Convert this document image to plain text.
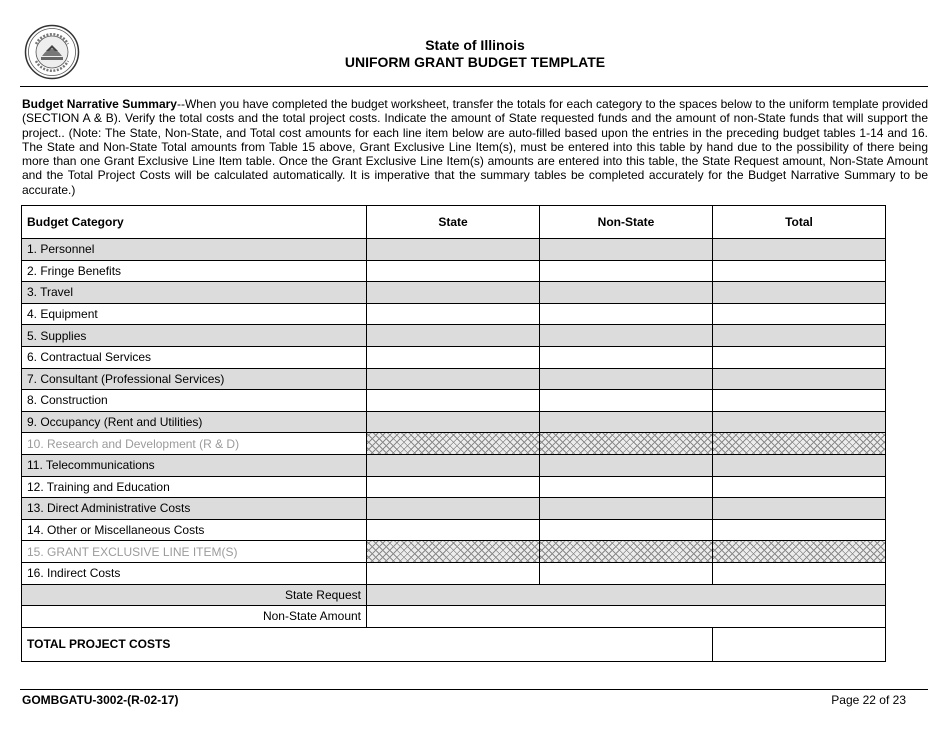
State of Illinois
UNIFORM GRANT BUDGET TEMPLATE
Budget Narrative Summary--When you have completed the budget worksheet, transfer the totals for each category to the spaces below to the uniform template provided (SECTION A & B). Verify the total costs and the total project costs. Indicate the amount of State requested funds and the amount of non-State funds that will support the project.. (Note: The State, Non-State, and Total cost amounts for each line item below are auto-filled based upon the entries in the preceding budget tables 1-14 and 16. The State and Non-State Total amounts from Table 15 above, Grant Exclusive Line Item(s), must be entered into this table by hand due to the possibility of there being more than one Grant Exclusive Line Item table. Once the Grant Exclusive Line Item(s) amounts are entered into this table, the State Request amount, Non-State Amount and the Total Project Costs will be calculated automatically. It is imperative that the summary tables be completed accurately for the Budget Narrative Summary to be accurate.)
Budget Category	State	Non-State	Total
1. Personnel			
2. Fringe Benefits			
3. Travel			
4. Equipment			
5. Supplies			
6. Contractual Services			
7. Consultant (Professional Services)			
8. Construction			
9. Occupancy (Rent and Utilities)			
10. Research and Development (R & D)			
11. Telecommunications			
12. Training and Education			
13. Direct Administrative Costs			
14. Other or Miscellaneous Costs			
15. GRANT EXCLUSIVE LINE ITEM(S)			
16. Indirect Costs			
State Request			
Non-State Amount			
TOTAL PROJECT COSTS			
GOMBGATU-3002-(R-02-17)	Page 22 of 23
